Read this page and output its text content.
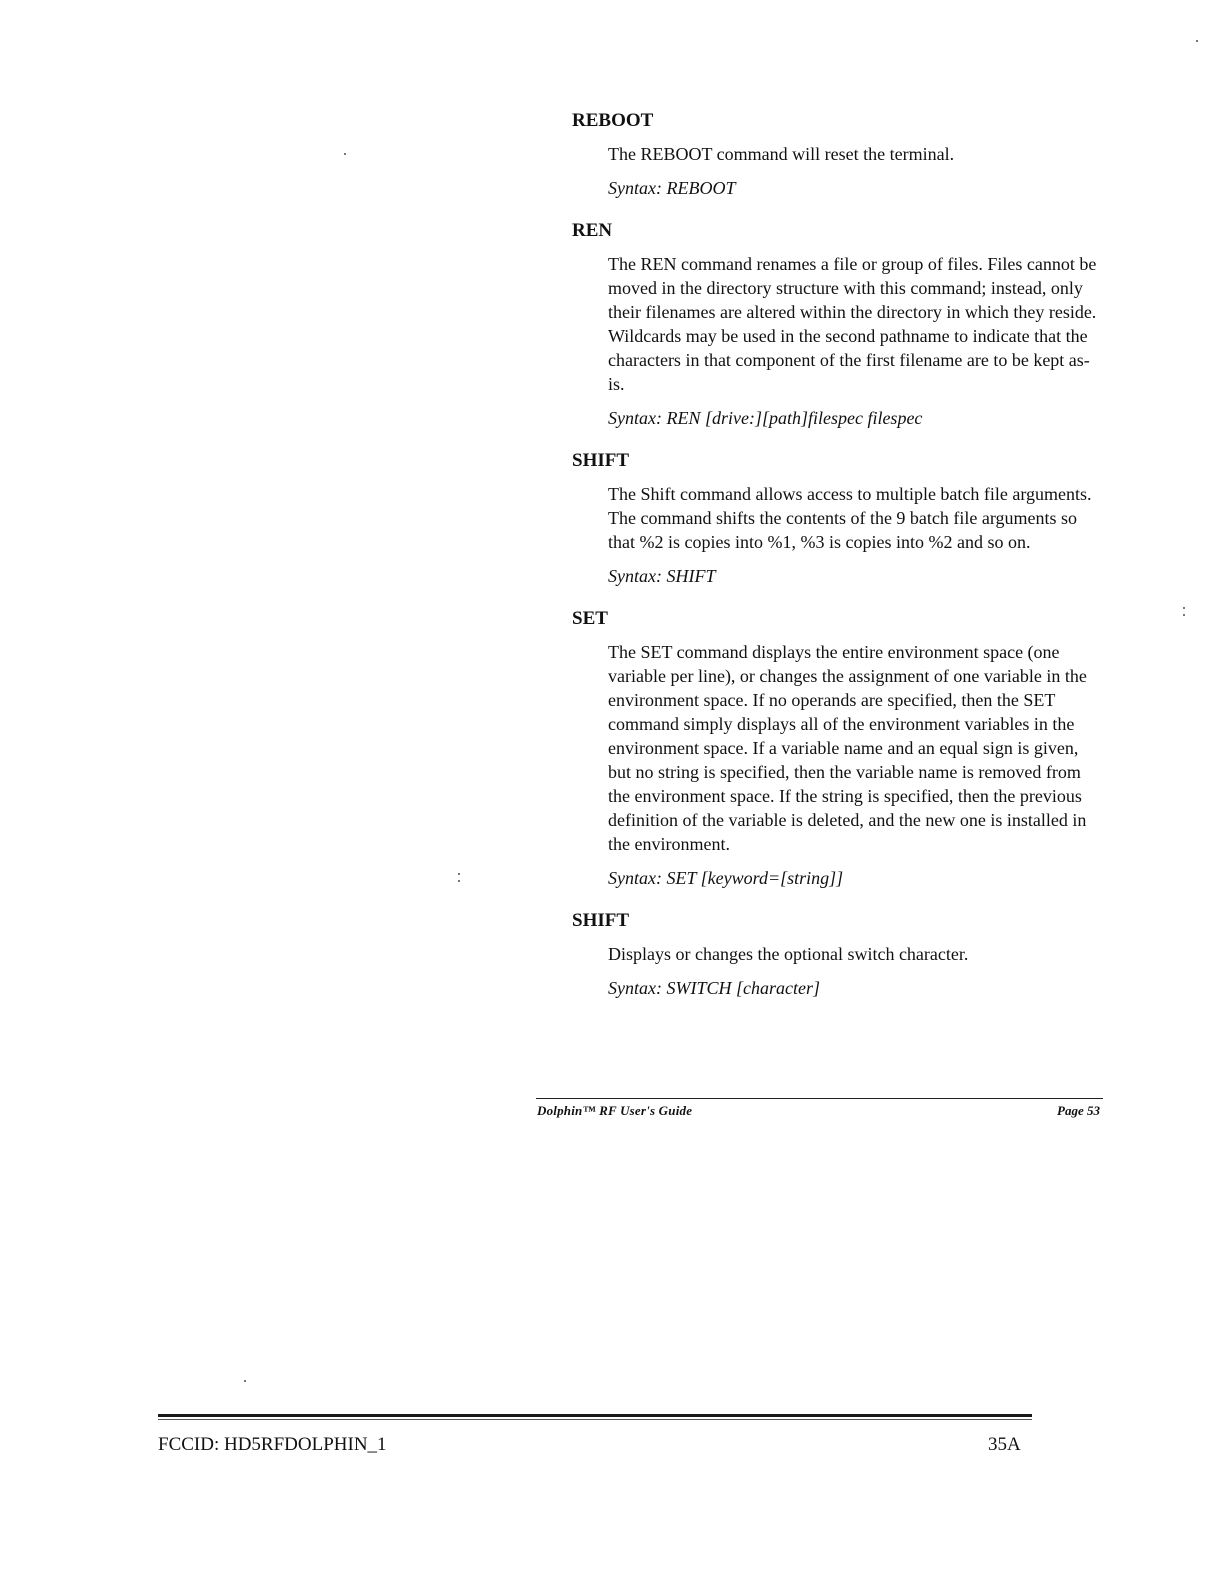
REBOOT
The REBOOT command will reset the terminal.
Syntax: REBOOT
REN
The REN command renames a file or group of files. Files cannot be moved in the directory structure with this command; instead, only their filenames are altered within the directory in which they reside. Wildcards may be used in the second pathname to indicate that the characters in that component of the first filename are to be kept as-is.
Syntax: REN [drive:][path]filespec filespec
SHIFT
The Shift command allows access to multiple batch file arguments. The command shifts the contents of the 9 batch file arguments so that %2 is copies into %1, %3 is copies into %2 and so on.
Syntax: SHIFT
SET
The SET command displays the entire environment space (one variable per line), or changes the assignment of one variable in the environment space. If no operands are specified, then the SET command simply displays all of the environment variables in the environment space. If a variable name and an equal sign is given, but no string is specified, then the variable name is removed from the environment space. If the string is specified, then the previous definition of the variable is deleted, and the new one is installed in the environment.
Syntax: SET [keyword=[string]]
SHIFT
Displays or changes the optional switch character.
Syntax: SWITCH [character]
Dolphin™ RF User's Guide	Page 53
FCCID: HD5RFDOLPHIN_1	35A
